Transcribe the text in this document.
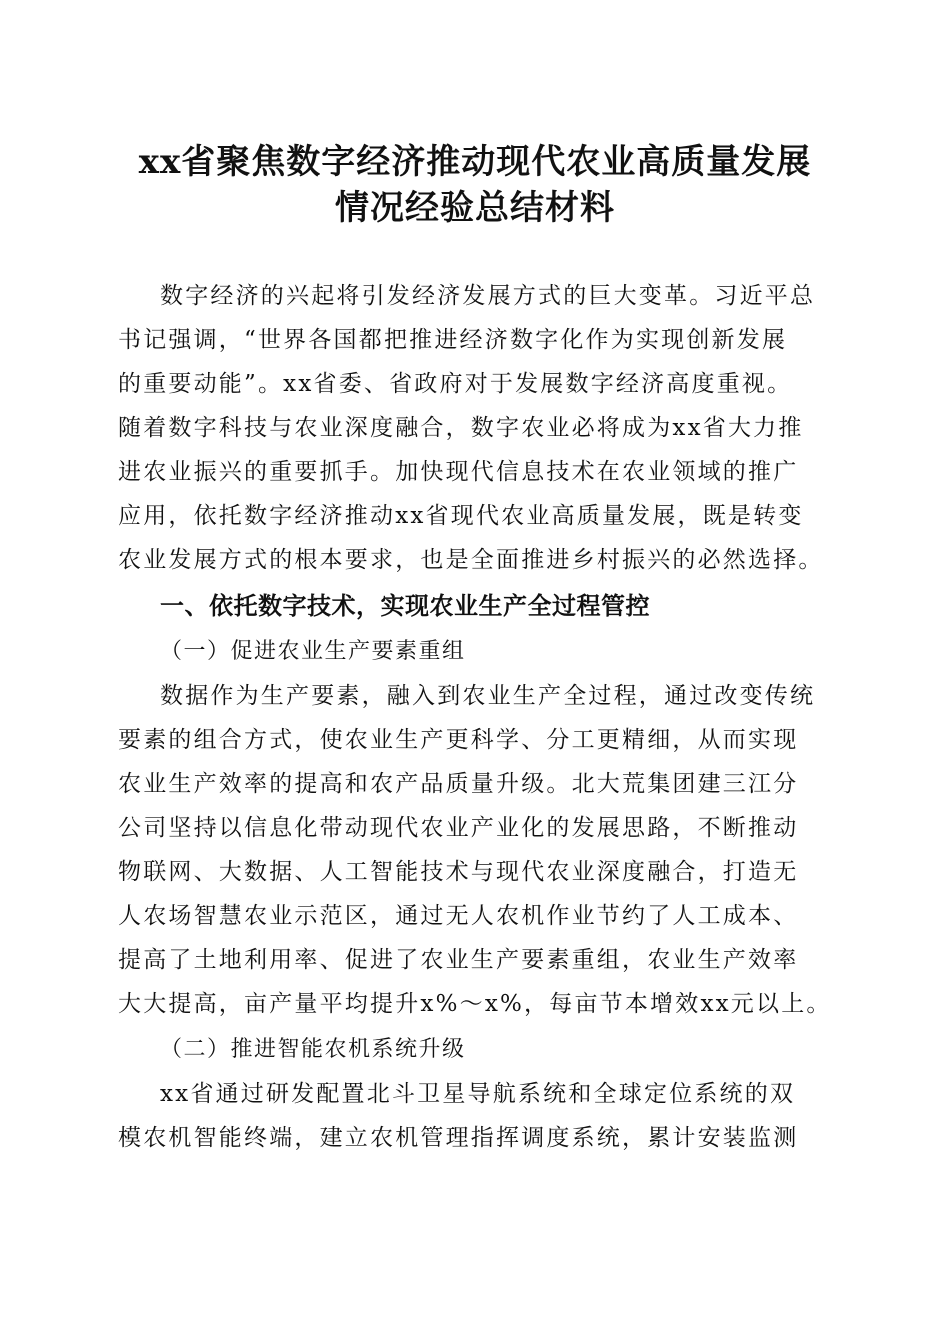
xx省聚焦数字经济推动现代农业高质量发展
情况经验总结材料
数字经济的兴起将引发经济发展方式的巨大变革。习近平总
书记强调，“世界各国都把推进经济数字化作为实现创新发展
的重要动能”。xx省委、省政府对于发展数字经济高度重视。
随着数字科技与农业深度融合，数字农业必将成为xx省大力推
进农业振兴的重要抓手。加快现代信息技术在农业领域的推广
应用，依托数字经济推动xx省现代农业高质量发展，既是转变
农业发展方式的根本要求，也是全面推进乡村振兴的必然选择。
一、依托数字技术，实现农业生产全过程管控
（一）促进农业生产要素重组
数据作为生产要素，融入到农业生产全过程，通过改变传统
要素的组合方式，使农业生产更科学、分工更精细，从而实现
农业生产效率的提高和农产品质量升级。北大荒集团建三江分
公司坚持以信息化带动现代农业产业化的发展思路，不断推动
物联网、大数据、人工智能技术与现代农业深度融合，打造无
人农场智慧农业示范区，通过无人农机作业节约了人工成本、
提高了土地利用率、促进了农业生产要素重组，农业生产效率
大大提高，亩产量平均提升x%～x%，每亩节本增效xx元以上。
（二）推进智能农机系统升级
xx省通过研发配置北斗卫星导航系统和全球定位系统的双
模农机智能终端，建立农机管理指挥调度系统，累计安装监测
